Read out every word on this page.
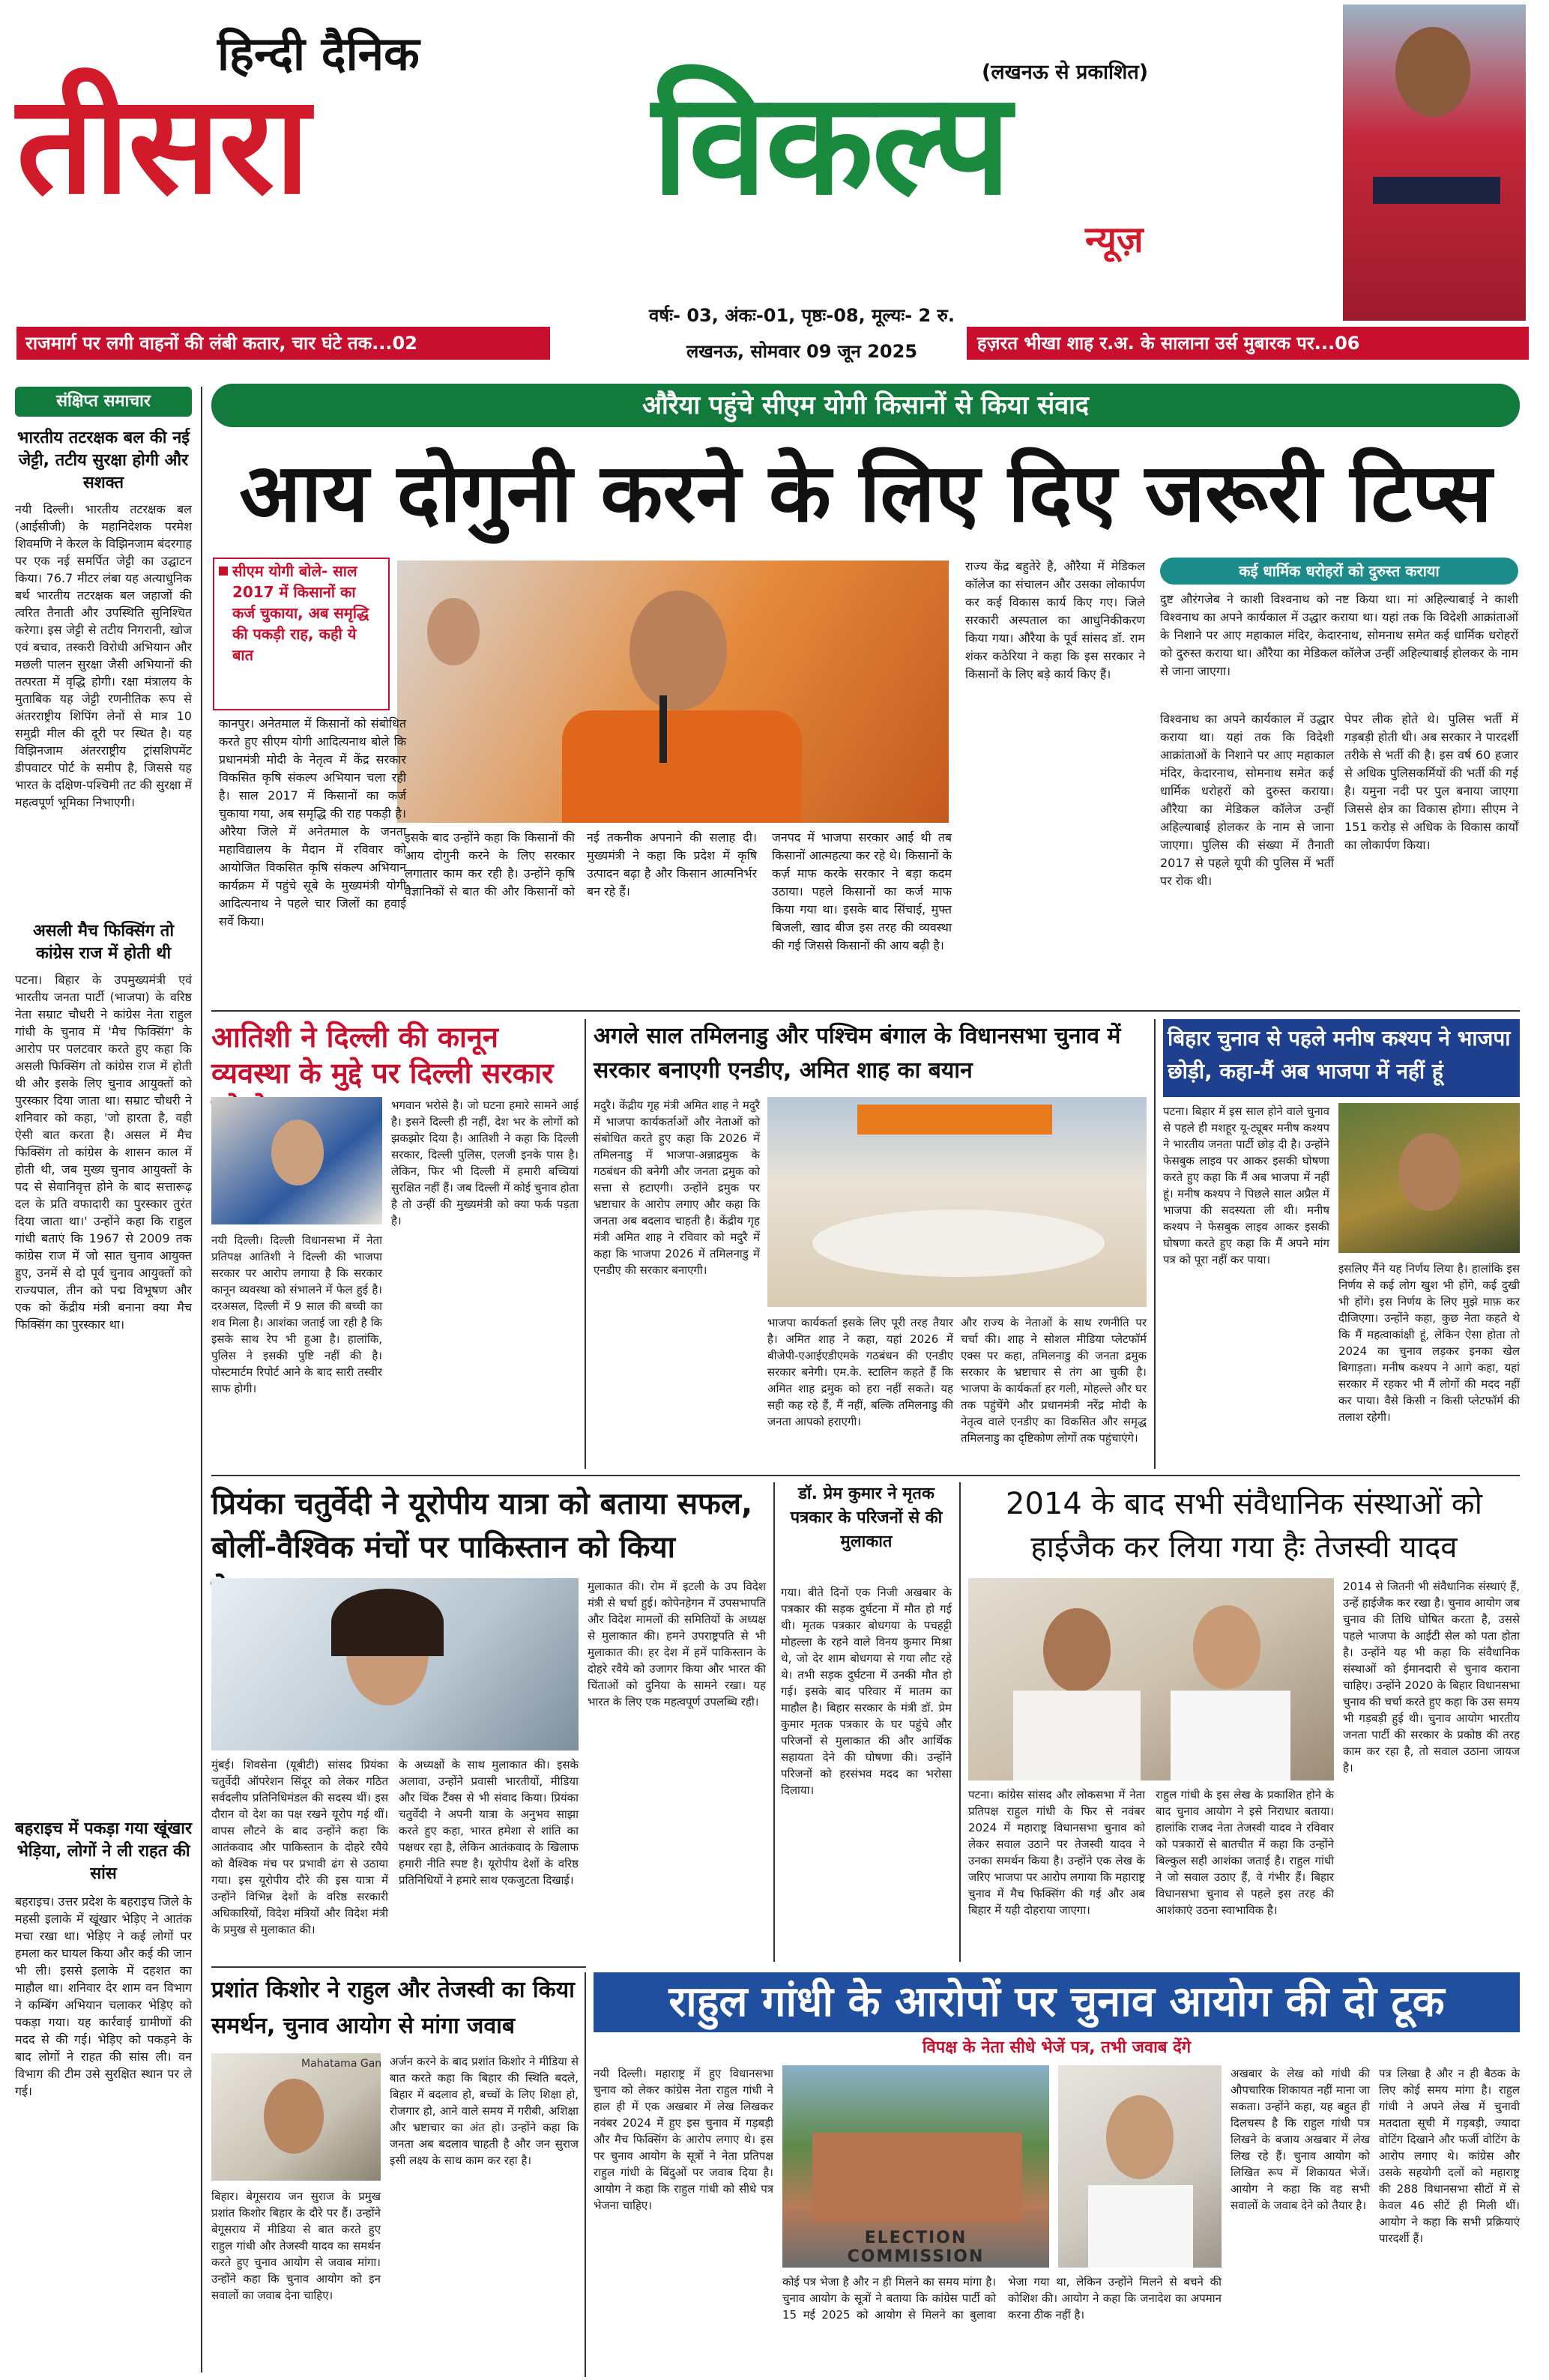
हिन्दी दैनिक
तीसरा विकल्प
न्यूज़
(लखनऊ से प्रकाशित)
राजमार्ग पर लगी वाहनों की लंबी कतार, चार घंटे तक...02
वर्षः- 03, अंकः-01, पृष्ठः-08, मूल्यः- 2 रु.
लखनऊ, सोमवार 09 जून 2025	हज़रत भीखा शाह र.अ. के सालाना उर्स मुबारक पर...06
संक्षिप्त समाचार
भारतीय तटरक्षक बल की नई जेट्टी, तटीय सुरक्षा होगी और सशक्त
नयी दिल्ली। भारतीय तटरक्षक बल (आईसीजी) के महानिदेशक परमेश शिवमणि ने केरल के विझिनजाम बंदरगाह पर एक नई समर्पित जेट्टी का उद्घाटन किया। 76.7 मीटर लंबा यह अत्याधुनिक बर्थ भारतीय तटरक्षक बल जहाजों की त्वरित तैनाती और उपस्थिति सुनिश्चित करेगा। इस जेट्टी से तटीय निगरानी, खोज एवं बचाव, तस्करी विरोधी अभियान और मछली पालन सुरक्षा जैसी अभियानों की तत्परता में वृद्धि होगी। रक्षा मंत्रालय के मुताबिक यह जेट्टी रणनीतिक रूप से अंतरराष्ट्रीय शिपिंग लेनों से मात्र 10 समुद्री मील की दूरी पर स्थित है। यह विझिनजाम अंतरराष्ट्रीय ट्रांसशिपमेंट डीपवाटर पोर्ट के समीप है, जिससे यह भारत के दक्षिण-पश्चिमी तट की सुरक्षा में महत्वपूर्ण भूमिका निभाएगी।
असली मैच फिक्सिंग तो कांग्रेस राज में होती थी
पटना। बिहार के उपमुख्यमंत्री एवं भारतीय जनता पार्टी (भाजपा) के वरिष्ठ नेता सम्राट चौधरी ने कांग्रेस नेता राहुल गांधी के चुनाव में 'मैच फिक्सिंग' के आरोप पर पलटवार करते हुए कहा कि असली फिक्सिंग तो कांग्रेस राज में होती थी और इसके लिए चुनाव आयुक्तों को पुरस्कार दिया जाता था। सम्राट चौधरी ने शनिवार को कहा, 'जो हारता है, वही ऐसी बात करता है। असल में मैच फिक्सिंग तो कांग्रेस के शासन काल में होती थी, जब मुख्य चुनाव आयुक्तों के पद से सेवानिवृत्त होने के बाद सत्तारूढ़ दल के प्रति वफादारी का पुरस्कार तुरंत दिया जाता था।' उन्होंने कहा कि राहुल गांधी बताएं कि 1967 से 2009 तक कांग्रेस राज में जो सात चुनाव आयुक्त हुए, उनमें से दो पूर्व चुनाव आयुक्तों को राज्यपाल, तीन को पद्म विभूषण और एक को केंद्रीय मंत्री बनाना क्या मैच फिक्सिंग का पुरस्कार था।
बहराइच में पकड़ा गया खूंखार भेड़िया, लोगों ने ली राहत की सांस
बहराइच। उत्तर प्रदेश के बहराइच जिले के महसी इलाके में खूंखार भेड़िए ने आतंक मचा रखा था। भेड़िए ने कई लोगों पर हमला कर घायल किया और कई की जान भी ली। इससे इलाके में दहशत का माहौल था। शनिवार देर शाम वन विभाग ने कम्बिंग अभियान चलाकर भेड़िए को पकड़ा गया। यह कार्रवाई ग्रामीणों की मदद से की गई। भेड़िए को पकड़ने के बाद लोगों ने राहत की सांस ली। वन विभाग की टीम उसे सुरक्षित स्थान पर ले गई।
औरैया पहुंचे सीएम योगी किसानों से किया संवाद
आय दोगुनी करने के लिए दिए जरूरी टिप्स
सीएम योगी बोले- साल 2017 में किसानों का कर्ज चुकाया, अब समृद्धि की पकड़ी राह, कही ये बात
कानपुर। अनेतमाल में किसानों को संबोधित करते हुए सीएम योगी आदित्यनाथ बोले कि प्रधानमंत्री मोदी के नेतृत्व में केंद्र सरकार विकसित कृषि संकल्प अभियान चला रही है। साल 2017 में किसानों का कर्ज चुकाया गया, अब समृद्धि की राह पकड़ी है। औरैया जिले में अनेतमाल के जनता महाविद्यालय के मैदान में रविवार को आयोजित विकसित कृषि संकल्प अभियान कार्यक्रम में पहुंचे सूबे के मुख्यमंत्री योगी आदित्यनाथ ने पहले चार जिलों का हवाई सर्वे किया।
इसके बाद उन्होंने कहा कि किसानों की आय दोगुनी करने के लिए सरकार लगातार काम कर रही है। उन्होंने कृषि वैज्ञानिकों से बात की और किसानों को नई तकनीक अपनाने की सलाह दी। मुख्यमंत्री ने कहा कि प्रदेश में कृषि उत्पादन बढ़ा है और किसान आत्मनिर्भर बन रहे हैं।
जनपद में भाजपा सरकार आई थी तब किसानों आत्महत्या कर रहे थे। किसानों के कर्ज़ माफ करके सरकार ने बड़ा कदम उठाया। पहले किसानों का कर्ज माफ किया गया था। इसके बाद सिंचाई, मुफ्त बिजली, खाद बीज इस तरह की व्यवस्था की गई जिससे किसानों की आय बढ़ी है।
राज्य केंद्र बहुतेरे है, औरैया में मेडिकल कॉलेज का संचालन और उसका लोकार्पण कर कई विकास कार्य किए गए। जिले सरकारी अस्पताल का आधुनिकीकरण किया गया। औरैया के पूर्व सांसद डॉ. राम शंकर कठेरिया ने कहा कि इस सरकार ने किसानों के लिए बड़े कार्य किए हैं।
कई धार्मिक धरोहरों को दुरुस्त कराया
दुष्ट औरंगजेब ने काशी विश्वनाथ को नष्ट किया था। मां अहिल्याबाई ने काशी विश्वनाथ का अपने कार्यकाल में उद्धार कराया था। यहां तक कि विदेशी आक्रांताओं के निशाने पर आए महाकाल मंदिर, केदारनाथ, सोमनाथ समेत कई धार्मिक धरोहरों को दुरुस्त कराया था। औरैया का मेडिकल कॉलेज उन्हीं अहिल्याबाई होलकर के नाम से जाना जाएगा।
विश्वनाथ का अपने कार्यकाल में उद्धार कराया था। यहां तक कि विदेशी आक्रांताओं के निशाने पर आए महाकाल मंदिर, केदारनाथ, सोमनाथ समेत कई धार्मिक धरोहरों को दुरुस्त कराया। औरैया का मेडिकल कॉलेज उन्हीं अहिल्याबाई होलकर के नाम से जाना जाएगा। पुलिस की संख्या में तैनाती 2017 से पहले यूपी की पुलिस में भर्ती पर रोक थी।
पेपर लीक होते थे। पुलिस भर्ती में गड़बड़ी होती थी। अब सरकार ने पारदर्शी तरीके से भर्ती की है। इस वर्ष 60 हजार से अधिक पुलिसकर्मियों की भर्ती की गई है। यमुना नदी पर पुल बनाया जाएगा जिससे क्षेत्र का विकास होगा। सीएम ने 151 करोड़ से अधिक के विकास कार्यों का लोकार्पण किया।
आतिशी ने दिल्ली की कानून व्यवस्था के मुद्दे पर दिल्ली सरकार
नयी दिल्ली। दिल्ली विधानसभा में नेता प्रतिपक्ष आतिशी ने दिल्ली की भाजपा सरकार पर आरोप लगाया है कि सरकार कानून व्यवस्था को संभालने में फेल हुई है। दरअसल, दिल्ली में 9 साल की बच्ची का शव मिला है। आशंका जताई जा रही है कि इसके साथ रेप भी हुआ है। हालांकि, पुलिस ने इसकी पुष्टि नहीं की है। पोस्टमार्टम रिपोर्ट आने के बाद सारी तस्वीर साफ होगी।
भगवान भरोसे है। जो घटना हमारे सामने आई है। इसने दिल्ली ही नहीं, देश भर के लोगों को झकझोर दिया है। आतिशी ने कहा कि दिल्ली सरकार, दिल्ली पुलिस, एलजी इनके पास है। लेकिन, फिर भी दिल्ली में हमारी बच्चियां सुरक्षित नहीं हैं। जब दिल्ली में कोई चुनाव होता है तो उन्हीं की मुख्यमंत्री को क्या फर्क पड़ता है।
अगले साल तमिलनाडु और पश्चिम बंगाल के विधानसभा चुनाव में सरकार बनाएगी एनडीए, अमित शाह का बयान
मदुरै। केंद्रीय गृह मंत्री अमित शाह ने मदुरै में भाजपा कार्यकर्ताओं और नेताओं को संबोधित करते हुए कहा कि 2026 में तमिलनाडु में भाजपा-अन्नाद्रमुक के गठबंधन की बनेगी और जनता द्रमुक को सत्ता से हटाएगी। उन्होंने द्रमुक पर भ्रष्टाचार के आरोप लगाए और कहा कि जनता अब बदलाव चाहती है। केंद्रीय गृह मंत्री अमित शाह ने रविवार को मदुरै में कहा कि भाजपा 2026 में तमिलनाडु में एनडीए की सरकार बनाएगी।
भाजपा कार्यकर्ता इसके लिए पूरी तरह तैयार है। अमित शाह ने कहा, यहां 2026 में बीजेपी-एआईएडीएमके गठबंधन की एनडीए सरकार बनेगी। एम.के. स्टालिन कहते हैं कि अमित शाह द्रमुक को हरा नहीं सकते। यह सही कह रहे हैं, मैं नहीं, बल्कि तमिलनाडु की जनता आपको हराएगी।
और राज्य के नेताओं के साथ रणनीति पर चर्चा की। शाह ने सोशल मीडिया प्लेटफॉर्म एक्स पर कहा, तमिलनाडु की जनता द्रमुक सरकार के भ्रष्टाचार से तंग आ चुकी है। भाजपा के कार्यकर्ता हर गली, मोहल्ले और घर तक पहुंचेंगे और प्रधानमंत्री नरेंद्र मोदी के नेतृत्व वाले एनडीए का विकसित और समृद्ध तमिलनाडु का दृष्टिकोण लोगों तक पहुंचाएंगे।
बिहार चुनाव से पहले मनीष कश्यप ने भाजपा छोड़ी, कहा-मैं अब भाजपा में नहीं हूं
पटना। बिहार में इस साल होने वाले चुनाव से पहले ही मशहूर यू-ट्यूबर मनीष कश्यप ने भारतीय जनता पार्टी छोड़ दी है। उन्होंने फेसबुक लाइव पर आकर इसकी घोषणा करते हुए कहा कि मैं अब भाजपा में नहीं हूं। मनीष कश्यप ने पिछले साल अप्रैल में भाजपा की सदस्यता ली थी। मनीष कश्यप ने फेसबुक लाइव आकर इसकी घोषणा करते हुए कहा कि मैं अपने मांग पत्र को पूरा नहीं कर पाया।
इसलिए मैंने यह निर्णय लिया है। हालांकि इस निर्णय से कई लोग खुश भी होंगे, कई दुखी भी होंगे। इस निर्णय के लिए मुझे माफ़ कर दीजिएगा। उन्होंने कहा, कुछ नेता कहते थे कि मैं महत्वाकांक्षी हूं, लेकिन ऐसा होता तो 2024 का चुनाव लड़कर इनका खेल बिगाड़ता। मनीष कश्यप ने आगे कहा, यहां सरकार में रहकर भी मैं लोगों की मदद नहीं कर पाया। वैसे किसी न किसी प्लेटफॉर्म की तलाश रहेगी।
प्रियंका चतुर्वेदी ने यूरोपीय यात्रा को बताया सफल, बोलीं-वैश्विक मंचों पर पाकिस्तान को किया
मुंबई। शिवसेना (यूबीटी) सांसद प्रियंका चतुर्वेदी ऑपरेशन सिंदूर को लेकर गठित सर्वदलीय प्रतिनिधिमंडल की सदस्य थीं। इस दौरान वो देश का पक्ष रखने यूरोप गई थीं। वापस लौटने के बाद उन्होंने कहा कि आतंकवाद और पाकिस्तान के दोहरे रवैये को वैश्विक मंच पर प्रभावी ढंग से उठाया गया। इस यूरोपीय दौरे की इस यात्रा में उन्होंने विभिन्न देशों के वरिष्ठ सरकारी अधिकारियों, विदेश मंत्रियों और विदेश मंत्री के प्रमुख से मुलाकात की।
के अध्यक्षों के साथ मुलाकात की। इसके अलावा, उन्होंने प्रवासी भारतीयों, मीडिया और थिंक टैंक्स से भी संवाद किया। प्रियंका चतुर्वेदी ने अपनी यात्रा के अनुभव साझा करते हुए कहा, भारत हमेशा से शांति का पक्षधर रहा है, लेकिन आतंकवाद के खिलाफ हमारी नीति स्पष्ट है। यूरोपीय देशों के वरिष्ठ प्रतिनिधियों ने हमारे साथ एकजुटता दिखाई।
मुलाकात की। रोम में इटली के उप विदेश मंत्री से चर्चा हुई। कोपेनहेगन में उपसभापति और विदेश मामलों की समितियों के अध्यक्ष से मुलाकात की। हमने उपराष्ट्रपति से भी मुलाकात की। हर देश में हमें पाकिस्तान के दोहरे रवैये को उजागर किया और भारत की चिंताओं को दुनिया के सामने रखा। यह भारत के लिए एक महत्वपूर्ण उपलब्धि रही।
डॉ. प्रेम कुमार ने मृतक पत्रकार के परिजनों से की मुलाकात
गया। बीते दिनों एक निजी अखबार के पत्रकार की सड़क दुर्घटना में मौत हो गई थी। मृतक पत्रकार बोधगया के पचहट्टी मोहल्ला के रहने वाले विनय कुमार मिश्रा थे, जो देर शाम बोधगया से गया लौट रहे थे। तभी सड़क दुर्घटना में उनकी मौत हो गई। इसके बाद परिवार में मातम का माहौल है। बिहार सरकार के मंत्री डॉ. प्रेम कुमार मृतक पत्रकार के घर पहुंचे और परिजनों से मुलाकात की और आर्थिक सहायता देने की घोषणा की। उन्होंने परिजनों को हरसंभव मदद का भरोसा दिलाया।
2014 के बाद सभी संवैधानिक संस्थाओं को हाईजैक कर लिया गया हैः तेजस्वी यादव
पटना। कांग्रेस सांसद और लोकसभा में नेता प्रतिपक्ष राहुल गांधी के फिर से नवंबर 2024 में महाराष्ट्र विधानसभा चुनाव को लेकर सवाल उठाने पर तेजस्वी यादव ने उनका समर्थन किया है। उन्होंने एक लेख के जरिए भाजपा पर आरोप लगाया कि महाराष्ट्र चुनाव में मैच फिक्सिंग की गई और अब बिहार में यही दोहराया जाएगा।
राहुल गांधी के इस लेख के प्रकाशित होने के बाद चुनाव आयोग ने इसे निराधार बताया। हालांकि राजद नेता तेजस्वी यादव ने रविवार को पत्रकारों से बातचीत में कहा कि उन्होंने बिल्कुल सही आशंका जताई है। राहुल गांधी ने जो सवाल उठाए हैं, वे गंभीर हैं। बिहार विधानसभा चुनाव से पहले इस तरह की आशंकाएं उठना स्वाभाविक है।
2014 से जितनी भी संवैधानिक संस्थाएं हैं, उन्हें हाईजैक कर रखा है। चुनाव आयोग जब चुनाव की तिथि घोषित करता है, उससे पहले भाजपा के आईटी सेल को पता होता है। उन्होंने यह भी कहा कि संवैधानिक संस्थाओं को ईमानदारी से चुनाव कराना चाहिए। उन्होंने 2020 के बिहार विधानसभा चुनाव की चर्चा करते हुए कहा कि उस समय भी गड़बड़ी हुई थी। चुनाव आयोग भारतीय जनता पार्टी की सरकार के प्रकोष्ठ की तरह काम कर रहा है, तो सवाल उठाना जायज है।
प्रशांत किशोर ने राहुल और तेजस्वी का किया समर्थन, चुनाव आयोग से मांगा जवाब
Mahatama Gan
बिहार। बेगूसराय जन सुराज के प्रमुख प्रशांत किशोर बिहार के दौरे पर हैं। उन्होंने बेगूसराय में मीडिया से बात करते हुए राहुल गांधी और तेजस्वी यादव का समर्थन करते हुए चुनाव आयोग से जवाब मांगा। उन्होंने कहा कि चुनाव आयोग को इन सवालों का जवाब देना चाहिए।
अर्जन करने के बाद प्रशांत किशोर ने मीडिया से बात करते कहा कि बिहार की स्थिति बदले, बिहार में बदलाव हो, बच्चों के लिए शिक्षा हो, रोजगार हो, आने वाले समय में गरीबी, अशिक्षा और भ्रष्टाचार का अंत हो। उन्होंने कहा कि जनता अब बदलाव चाहती है और जन सुराज इसी लक्ष्य के साथ काम कर रहा है।
राहुल गांधी के आरोपों पर चुनाव आयोग की दो टूक
विपक्ष के नेता सीधे भेजें पत्र, तभी जवाब देंगे
नयी दिल्ली। महाराष्ट्र में हुए विधानसभा चुनाव को लेकर कांग्रेस नेता राहुल गांधी ने हाल ही में एक अखबार में लेख लिखकर नवंबर 2024 में हुए इस चुनाव में गड़बड़ी और मैच फिक्सिंग के आरोप लगाए थे। इस पर चुनाव आयोग के सूत्रों ने नेता प्रतिपक्ष राहुल गांधी के बिंदुओं पर जवाब दिया है। आयोग ने कहा कि राहुल गांधी को सीधे पत्र भेजना चाहिए।
ELECTION COMMISSION
कोई पत्र भेजा है और न ही मिलने का समय मांगा है। चुनाव आयोग के सूत्रों ने बताया कि कांग्रेस पार्टी को 15 मई 2025 को आयोग से मिलने का बुलावा भेजा गया था, लेकिन उन्होंने मिलने से बचने की कोशिश की। आयोग ने कहा कि जनादेश का अपमान करना ठीक नहीं है।
अखबार के लेख को गांधी की औपचारिक शिकायत नहीं माना जा सकता। उन्होंने कहा, यह बहुत ही दिलचस्प है कि राहुल गांधी पत्र लिखने के बजाय अखबार में लेख लिख रहे हैं। चुनाव आयोग को लिखित रूप में शिकायत भेजें। आयोग ने कहा कि वह सभी सवालों के जवाब देने को तैयार है।
पत्र लिखा है और न ही बैठक के लिए कोई समय मांगा है। राहुल गांधी ने अपने लेख में चुनावी मतदाता सूची में गड़बड़ी, ज्यादा वोटिंग दिखाने और फर्जी वोटिंग के आरोप लगाए थे। कांग्रेस और उसके सहयोगी दलों को महाराष्ट्र की 288 विधानसभा सीटों में से केवल 46 सीटें ही मिली थीं। आयोग ने कहा कि सभी प्रक्रियाएं पारदर्शी हैं।
